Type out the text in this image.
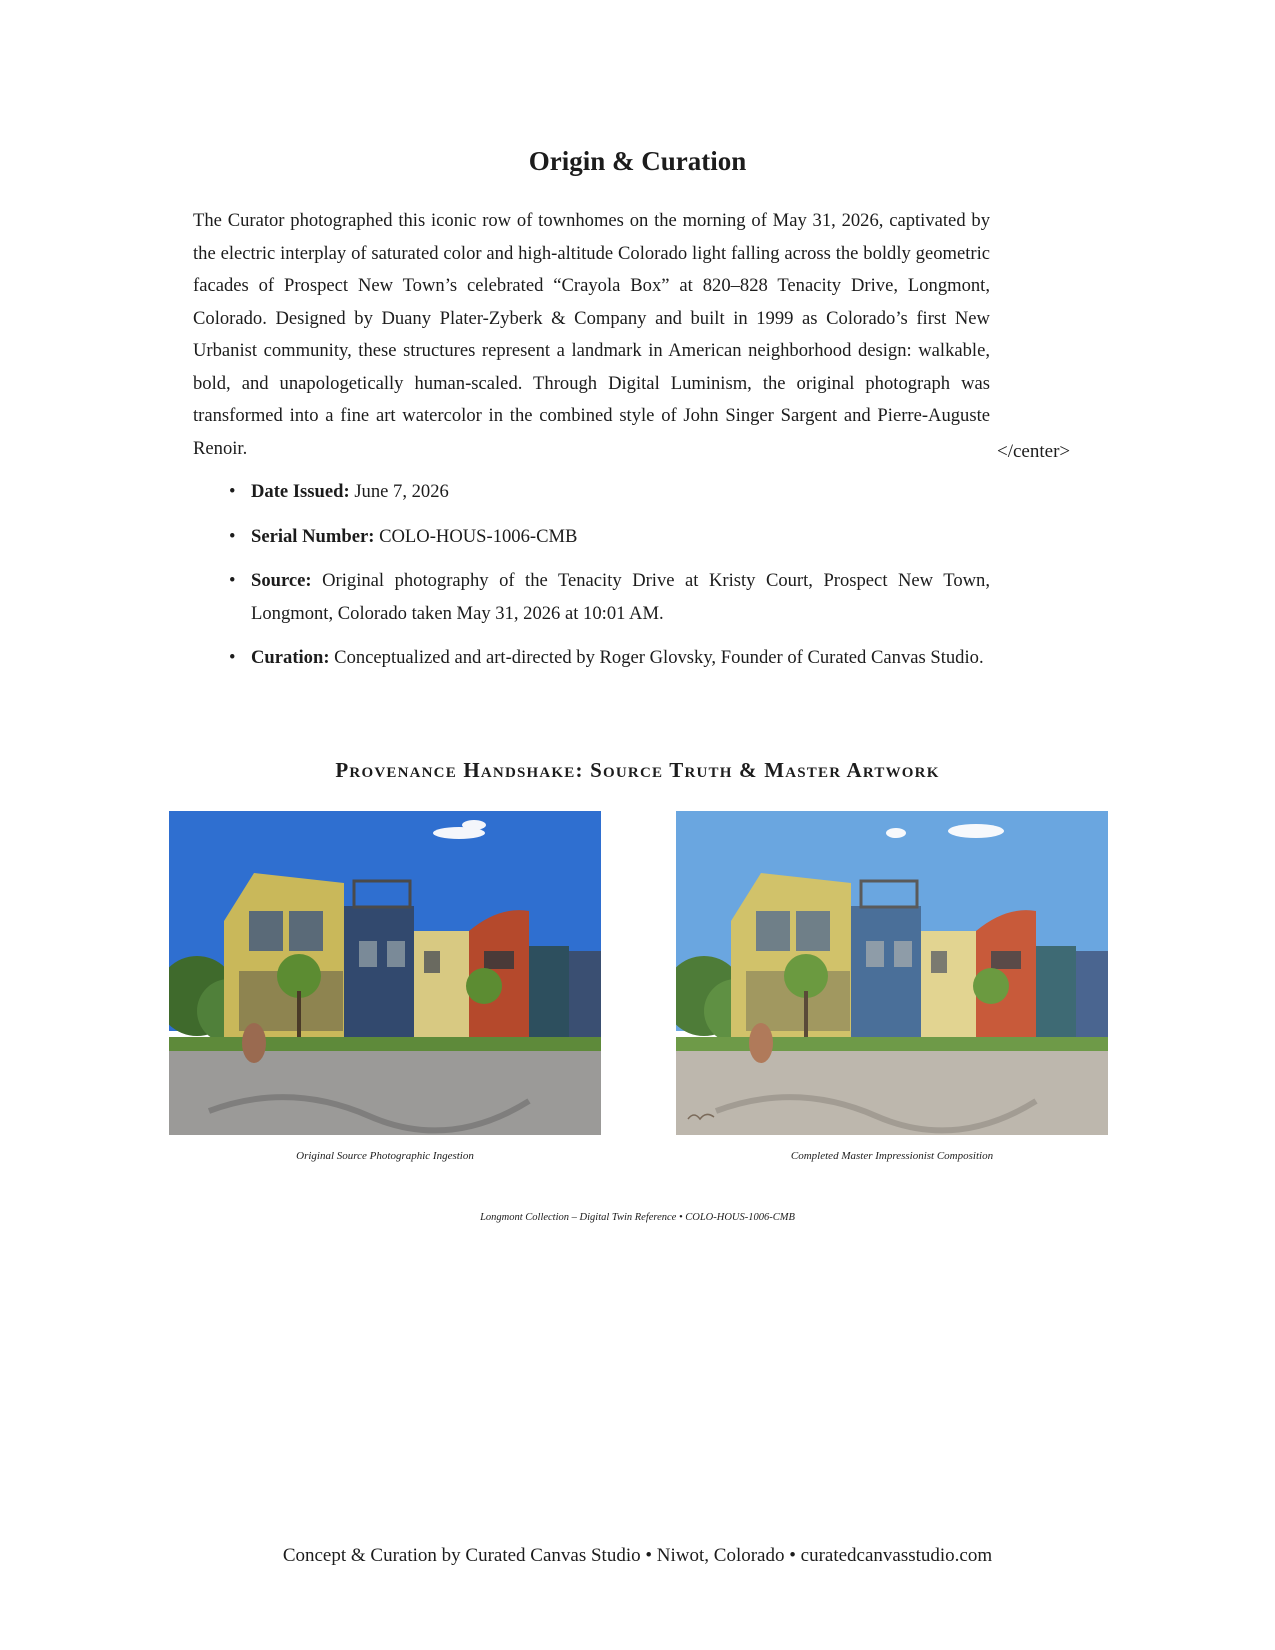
Origin & Curation

The Curator photographed this iconic row of townhomes on the morning of May 31, 2026, captivated by the electric interplay of saturated color and high-altitude Colorado light falling across the boldly geometric facades of Prospect New Town’s celebrated “Crayola Box” at 820–828 Tenacity Drive, Longmont, Colorado. Designed by Duany Plater-Zyberk & Company and built in 1999 as Colorado’s first New Urbanist community, these structures represent a landmark in American neighborhood design: walkable, bold, and unapologetically human-scaled. Through Digital Luminism, the original photograph was transformed into a fine art watercolor in the combined style of John Singer Sargent and Pierre-Auguste Renoir.	</center>
• Date Issued: June 7, 2026
• Serial Number: COLO-HOUS-1006-CMB
• Source: Original photography of the Tenacity Drive at Kristy Court, Prospect New Town, Longmont, Colorado taken May 31, 2026 at 10:01 AM.
• Curation: Conceptualized and art-directed by Roger Glovsky, Founder of Curated Canvas Studio.
Provenance Handshake: Source Truth & Master Artwork
Original Source Photographic Ingestion	Completed Master Impressionist Composition
Longmont Collection – Digital Twin Reference • COLO-HOUS-1006-CMB
Concept & Curation by Curated Canvas Studio • Niwot, Colorado • curatedcanvasstudio.com
